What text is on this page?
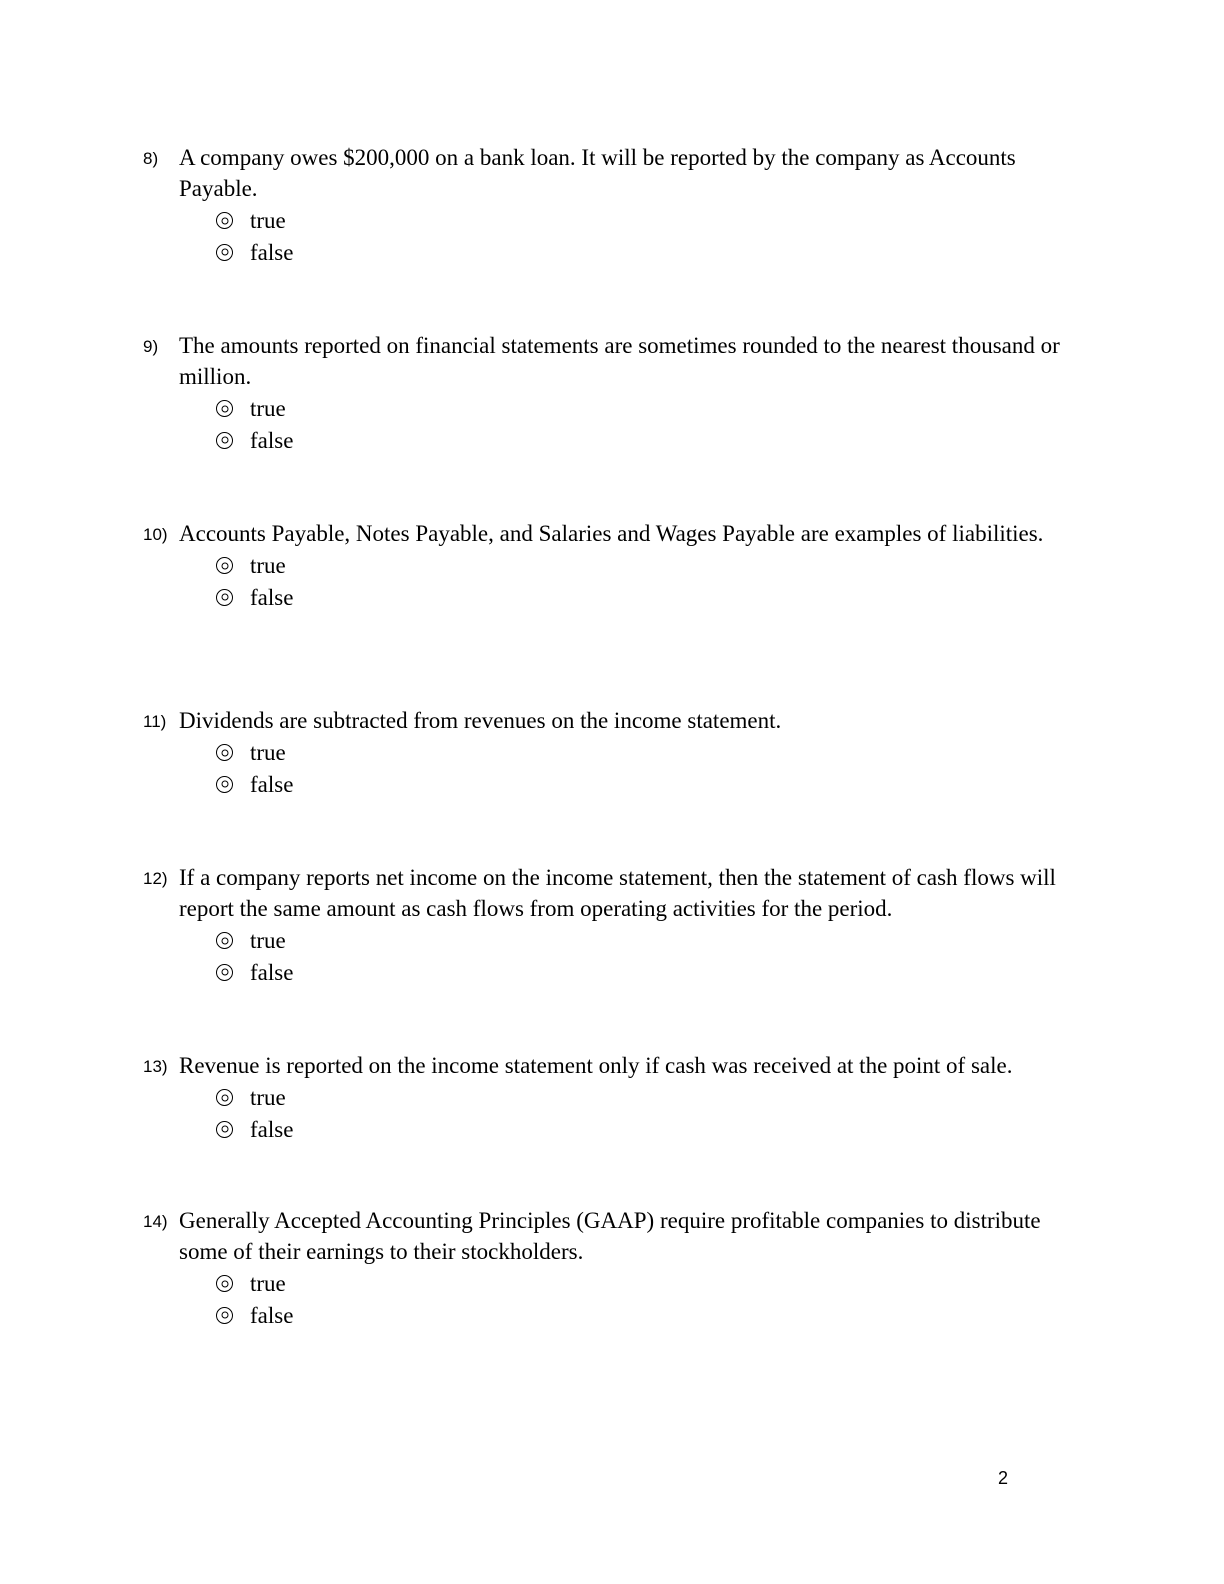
8) A company owes $200,000 on a bank loan. It will be reported by the company as Accounts Payable.
true
false
9) The amounts reported on financial statements are sometimes rounded to the nearest thousand or million.
true
false
10) Accounts Payable, Notes Payable, and Salaries and Wages Payable are examples of liabilities.
true
false
11) Dividends are subtracted from revenues on the income statement.
true
false
12) If a company reports net income on the income statement, then the statement of cash flows will report the same amount as cash flows from operating activities for the period.
true
false
13) Revenue is reported on the income statement only if cash was received at the point of sale.
true
false
14) Generally Accepted Accounting Principles (GAAP) require profitable companies to distribute some of their earnings to their stockholders.
true
false
2
